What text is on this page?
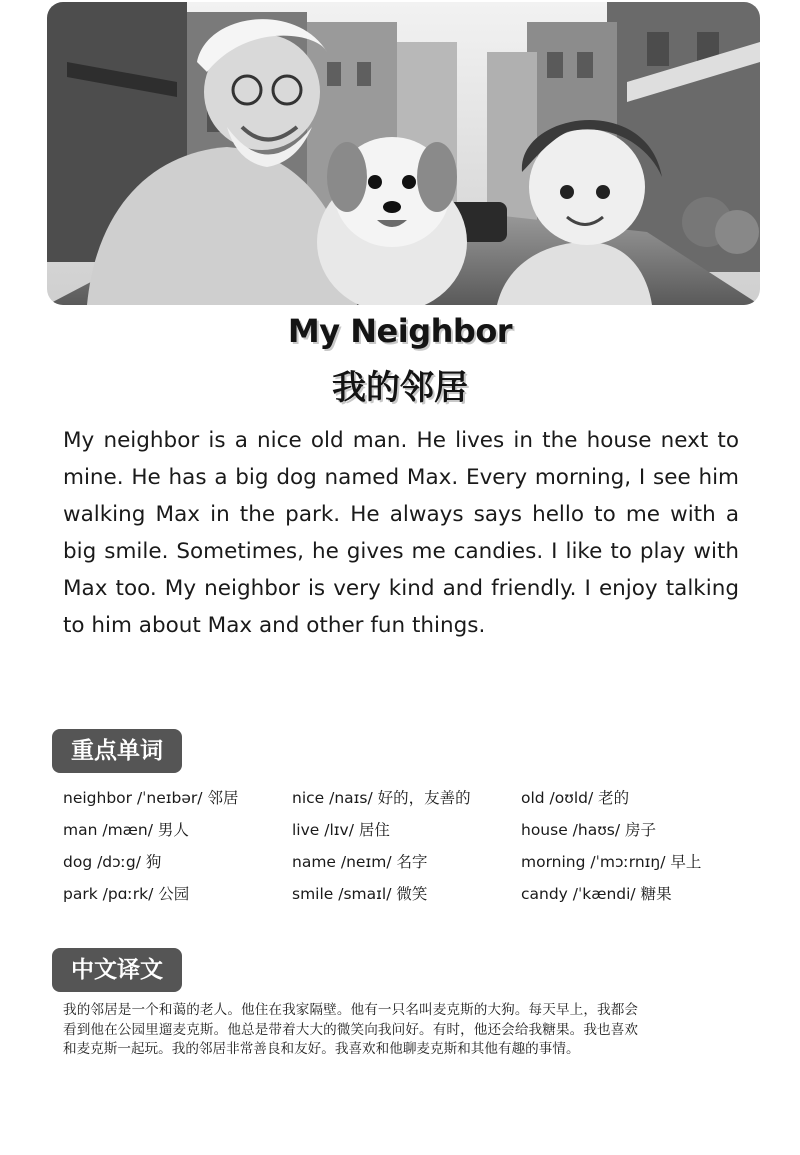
My Neighbor
我的邻居
My neighbor is a nice old man. He lives in the house next to mine. He has a big dog named Max. Every morning, I see him walking Max in the park. He always says hello to me with a big smile. Sometimes, he gives me candies. I like to play with Max too. My neighbor is very kind and friendly. I enjoy talking to him about Max and other fun things.
重点单词
neighbor /ˈneɪbər/ 邻居	nice /naɪs/ 好的，友善的	old /oʊld/ 老的
man /mæn/ 男人	live /lɪv/ 居住	house /haʊs/ 房子
dog /dɔːg/ 狗	name /neɪm/ 名字	morning /ˈmɔːrnɪŋ/ 早上
park /pɑːrk/ 公园	smile /smaɪl/ 微笑	candy /ˈkændi/ 糖果
中文译文
我的邻居是一个和蔼的老人。他住在我家隔壁。他有一只名叫麦克斯的大狗。每天早上，我都会看到他在公园里遛麦克斯。他总是带着大大的微笑向我问好。有时，他还会给我糖果。我也喜欢和麦克斯一起玩。我的邻居非常善良和友好。我喜欢和他聊麦克斯和其他有趣的事情。
